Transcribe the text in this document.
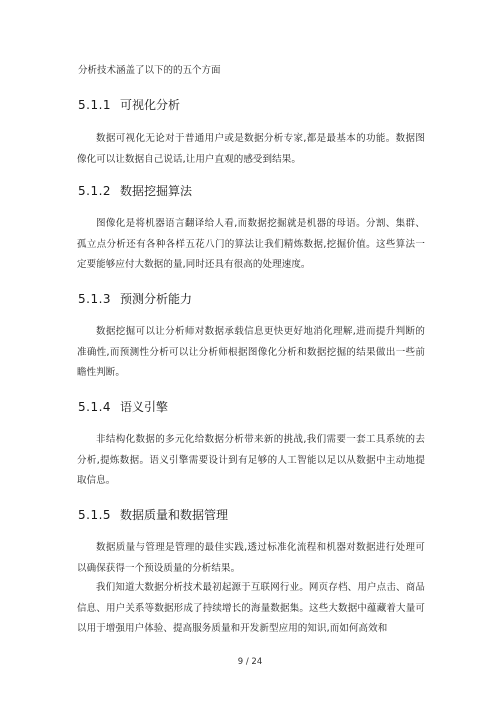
分析技术涵盖了以下的的五个方面
5.1.1 可视化分析
数据可视化无论对于普通用户或是数据分析专家,都是最基本的功能。数据图像化可以让数据自己说话,让用户直观的感受到结果。
5.1.2 数据挖掘算法
图像化是将机器语言翻译给人看,而数据挖掘就是机器的母语。分割、集群、孤立点分析还有各种各样五花八门的算法让我们精炼数据,挖掘价值。这些算法一定要能够应付大数据的量,同时还具有很高的处理速度。
5.1.3 预测分析能力
数据挖掘可以让分析师对数据承载信息更快更好地消化理解,进而提升判断的准确性,而预测性分析可以让分析师根据图像化分析和数据挖掘的结果做出一些前瞻性判断。
5.1.4 语义引擎
非结构化数据的多元化给数据分析带来新的挑战,我们需要一套工具系统的去分析,提炼数据。语义引擎需要设计到有足够的人工智能以足以从数据中主动地提取信息。
5.1.5 数据质量和数据管理
数据质量与管理是管理的最佳实践,透过标准化流程和机器对数据进行处理可以确保获得一个预设质量的分析结果。
我们知道大数据分析技术最初起源于互联网行业。网页存档、用户点击、商品信息、用户关系等数据形成了持续增长的海量数据集。这些大数据中蕴藏着大量可以用于增强用户体验、提高服务质量和开发新型应用的知识,而如何高效和
9 / 24
